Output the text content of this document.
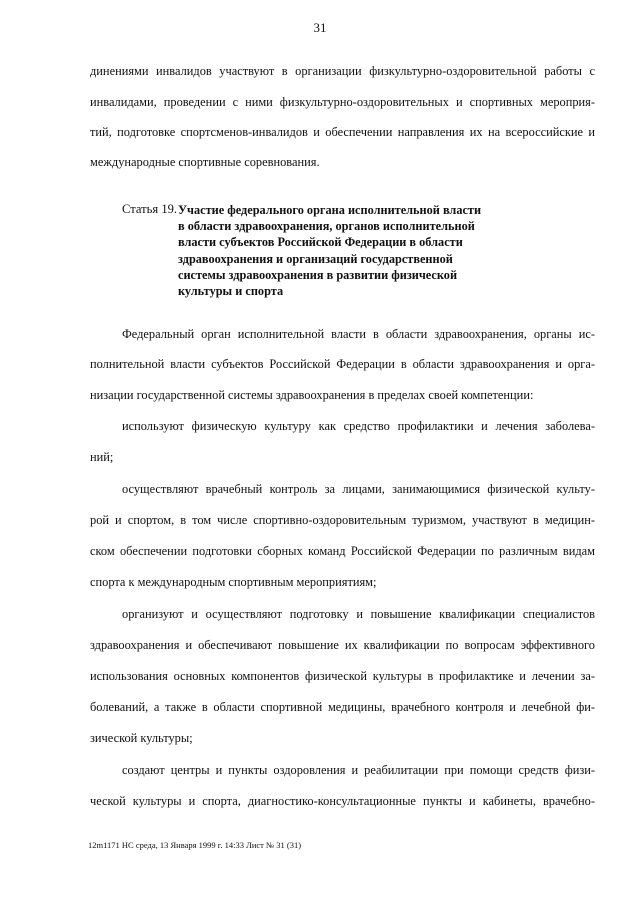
31
динениями инвалидов участвуют в организации физкультурно-оздоровительной работы с
инвалидами, проведении с ними физкультурно-оздоровительных и спортивных мероприя-
тий, подготовке спортсменов-инвалидов и обеспечении направления их на всероссийские и
международные спортивные соревнования.
Статья 19. Участие федерального органа исполнительной власти
в области здравоохранения, органов исполнительной
власти субъектов Российской Федерации в области
здравоохранения и организаций государственной
системы здравоохранения в развитии физической
культуры и спорта
Федеральный орган исполнительной власти в области здравоохранения, органы ис-
полнительной власти субъектов Российской Федерации в области здравоохранения и орга-
низации государственной системы здравоохранения в пределах своей компетенции:
используют физическую культуру как средство профилактики и лечения заболева-
ний;
осуществляют врачебный контроль за лицами, занимающимися физической культу-
рой и спортом, в том числе спортивно-оздоровительным туризмом, участвуют в медицин-
ском обеспечении подготовки сборных команд Российской Федерации по различным видам
спорта к международным спортивным мероприятиям;
организуют и осуществляют подготовку и повышение квалификации специалистов
здравоохранения и обеспечивают повышение их квалификации по вопросам эффективного
использования основных компонентов физической культуры в профилактике и лечении за-
болеваний, а также в области спортивной медицины, врачебного контроля и лечебной фи-
зической культуры;
создают центры и пункты оздоровления и реабилитации при помощи средств физи-
ческой культуры и спорта, диагностико-консультационные пункты и кабинеты, врачебно-
12m1171 НС среда, 13 Января 1999 г. 14:33 Лист № 31 (31)
